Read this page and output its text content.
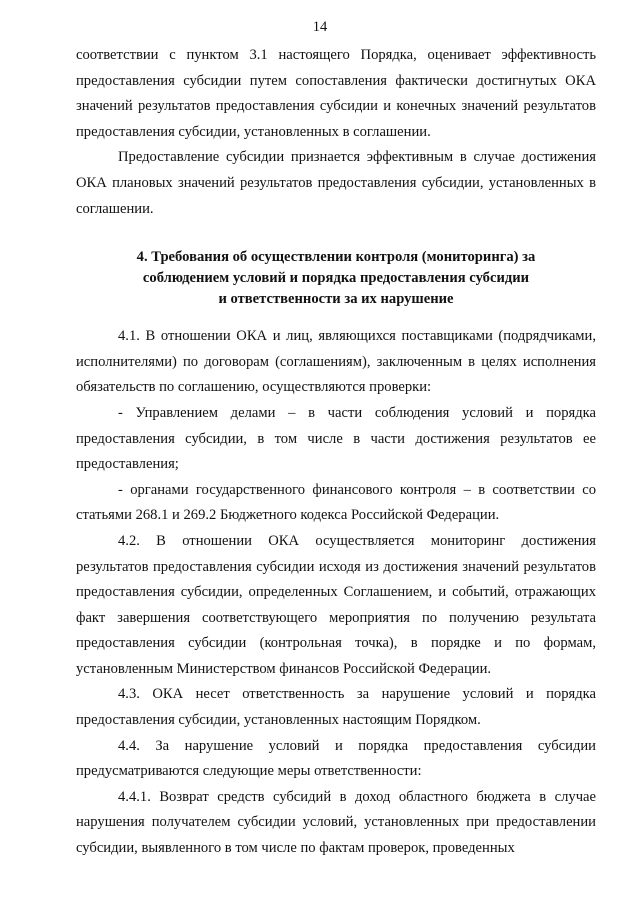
14

соответствии с пунктом 3.1 настоящего Порядка, оценивает эффективность предоставления субсидии путем сопоставления фактически достигнутых ОКА значений результатов предоставления субсидии и конечных значений результатов предоставления субсидии, установленных в соглашении.

Предоставление субсидии признается эффективным в случае достижения ОКА плановых значений результатов предоставления субсидии, установленных в соглашении.

4. Требования об осуществлении контроля (мониторинга) за
соблюдением условий и порядка предоставления субсидии
и ответственности за их нарушение

4.1. В отношении ОКА и лиц, являющихся поставщиками (подрядчиками, исполнителями) по договорам (соглашениям), заключенным в целях исполнения обязательств по соглашению, осуществляются проверки:

- Управлением делами – в части соблюдения условий и порядка предоставления субсидии, в том числе в части достижения результатов ее предоставления;

- органами государственного финансового контроля – в соответствии со статьями 268.1 и 269.2 Бюджетного кодекса Российской Федерации.

4.2. В отношении ОКА осуществляется мониторинг достижения результатов предоставления субсидии исходя из достижения значений результатов предоставления субсидии, определенных Соглашением, и событий, отражающих факт завершения соответствующего мероприятия по получению результата предоставления субсидии (контрольная точка), в порядке и по формам, установленным Министерством финансов Российской Федерации.

4.3. ОКА несет ответственность за нарушение условий и порядка предоставления субсидии, установленных настоящим Порядком.

4.4. За нарушение условий и порядка предоставления субсидии предусматриваются следующие меры ответственности:

4.4.1. Возврат средств субсидий в доход областного бюджета в случае нарушения получателем субсидии условий, установленных при предоставлении субсидии, выявленного в том числе по фактам проверок, проведенных
